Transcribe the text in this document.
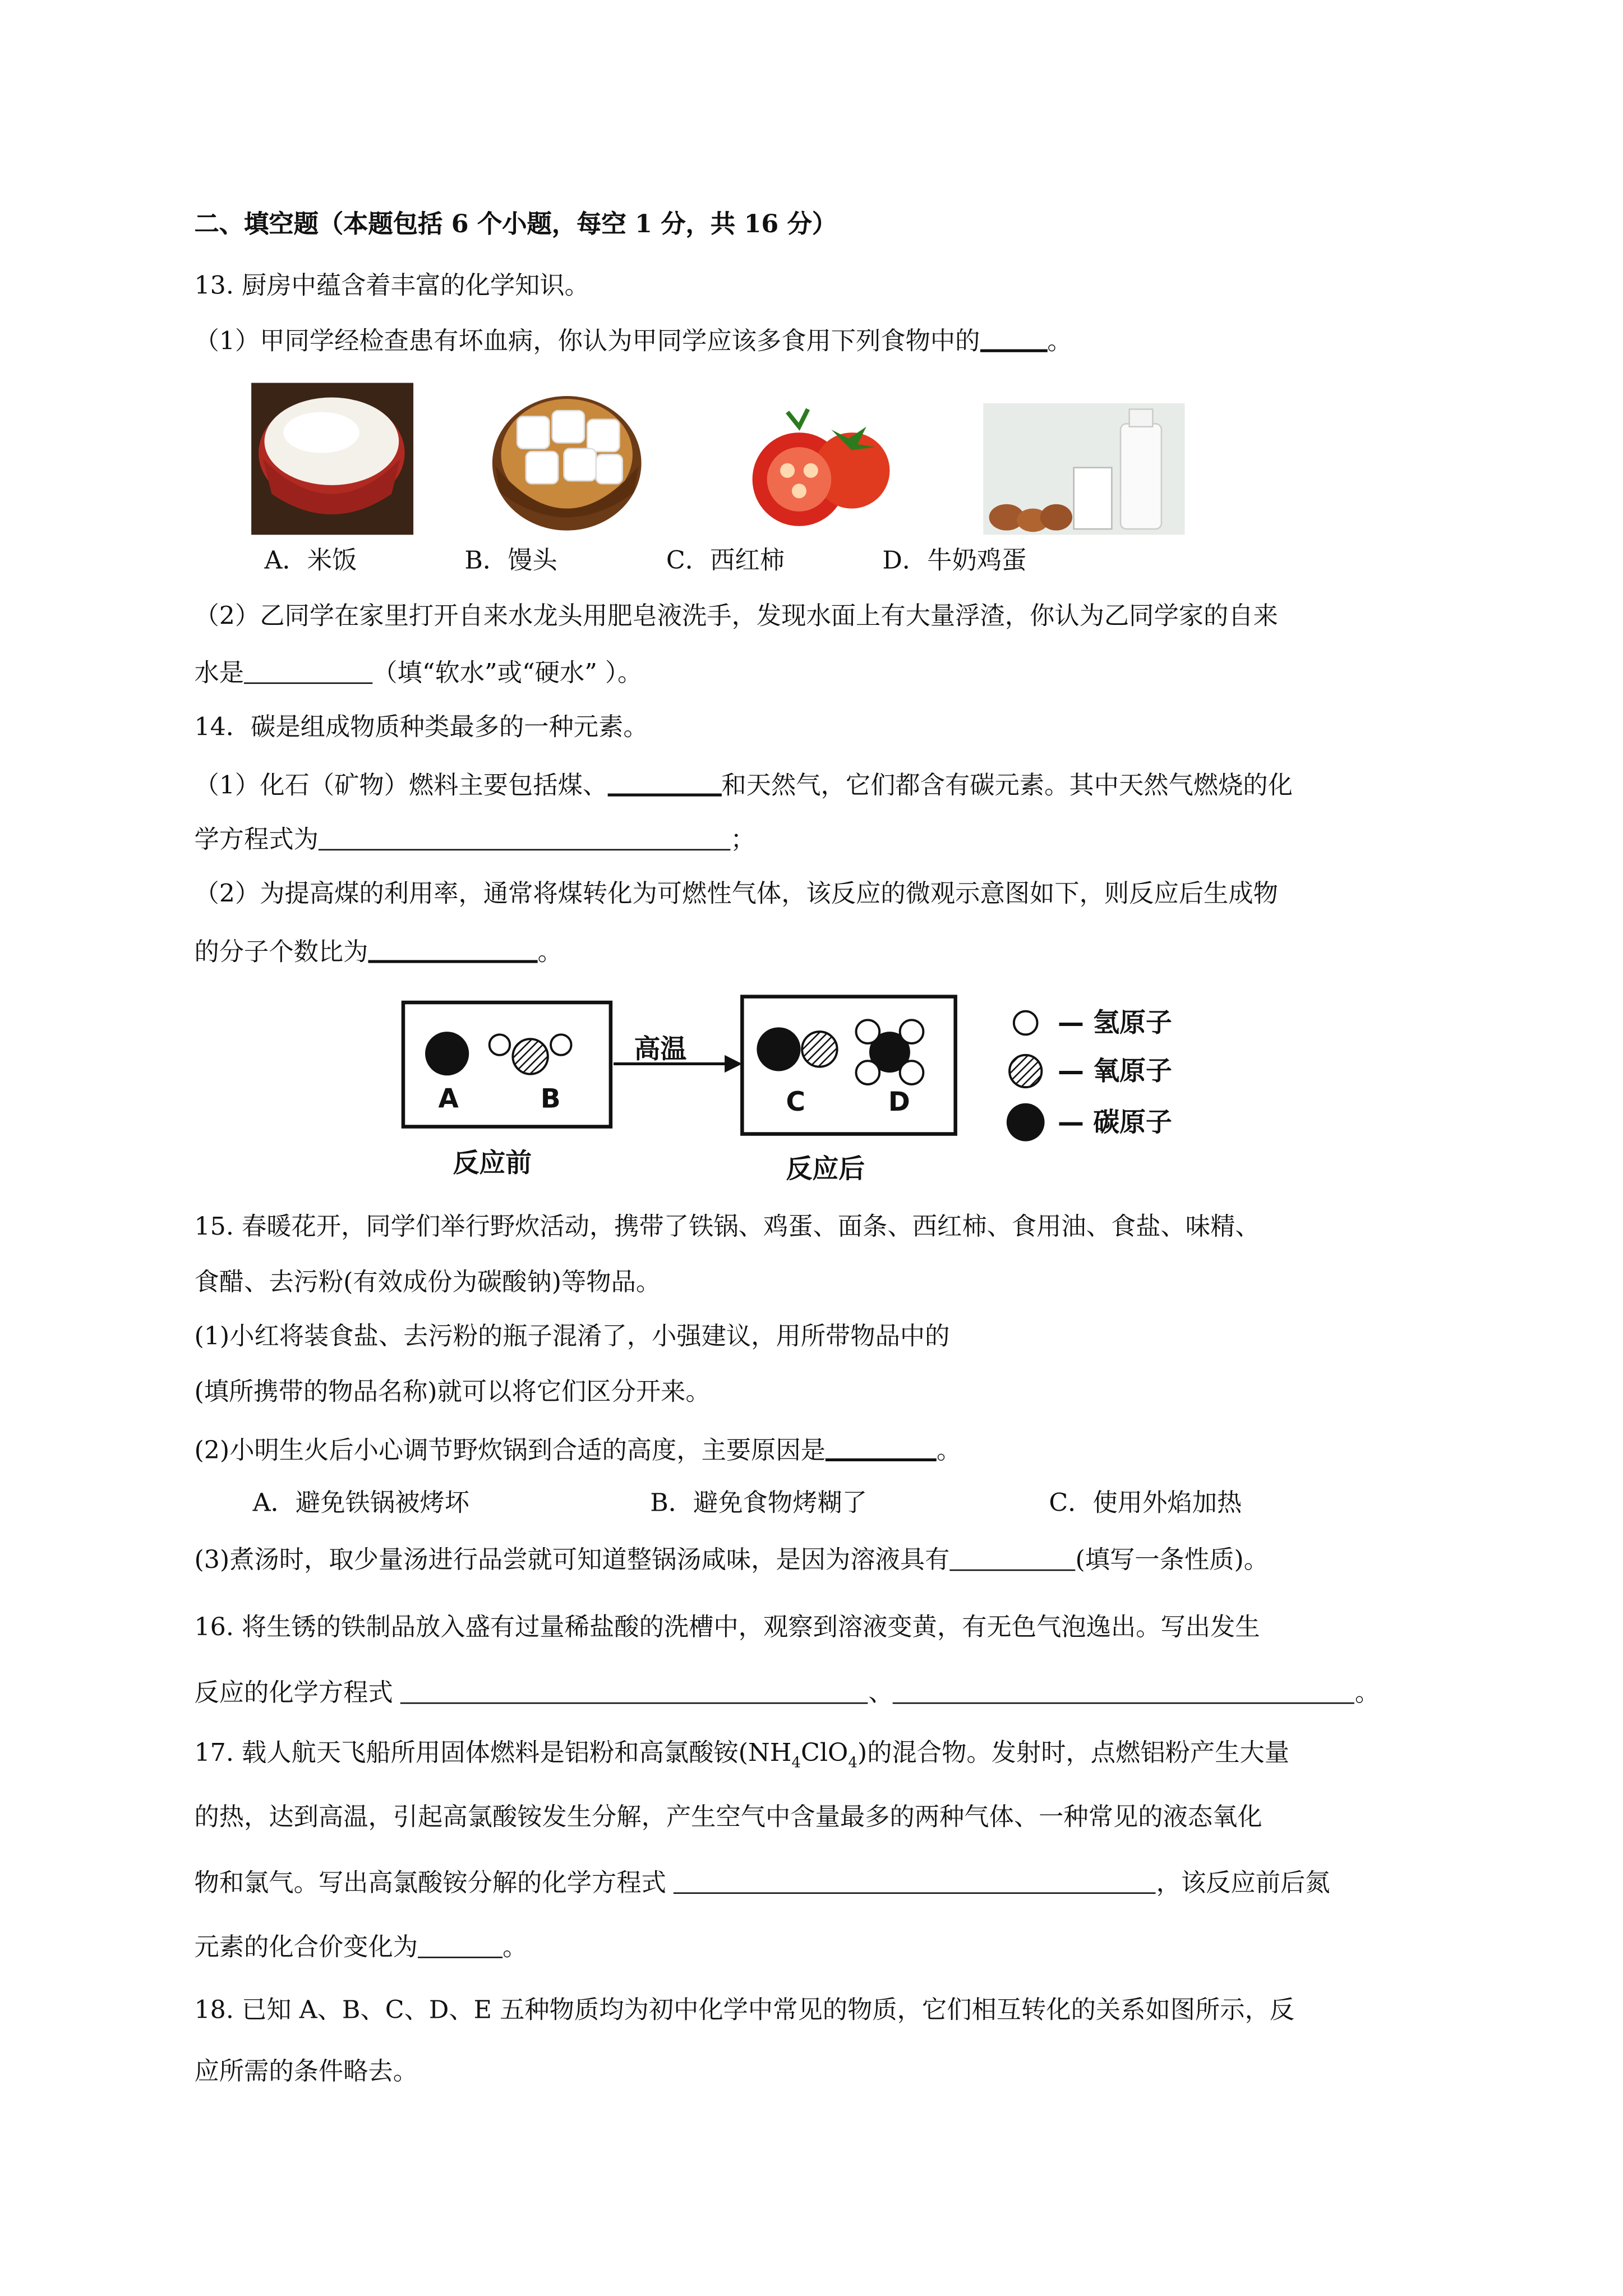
二、填空题（本题包括 6 个小题，每空 1 分，共 16 分）
13. 厨房中蕴含着丰富的化学知识。
（1）甲同学经检查患有坏血病，你认为甲同学应该多食用下列食物中的	。
A．米饭	B．馒头	C．西红柿	D．牛奶鸡蛋
（2）乙同学在家里打开自来水龙头用肥皂液洗手，发现水面上有大量浮渣，你认为乙同学家的自来
水是	（填“软水”或“硬水” ）。
14．碳是组成物质种类最多的一种元素。
（1）化石（矿物）燃料主要包括煤、	和天然气，它们都含有碳元素。其中天然气燃烧的化
学方程式为	；
（2）为提高煤的利用率，通常将煤转化为可燃性气体，该反应的微观示意图如下，则反应后生成物
的分子个数比为	。
A	B
反应前
高温
C	D
反应后
— 氢原子
— 氧原子
— 碳原子
15. 春暖花开，同学们举行野炊活动，携带了铁锅、鸡蛋、面条、西红柿、食用油、食盐、味精、
食醋、去污粉(有效成份为碳酸钠)等物品。
(1)小红将装食盐、去污粉的瓶子混淆了，小强建议，用所带物品中的
(填所携带的物品名称)就可以将它们区分开来。
(2)小明生火后小心调节野炊锅到合适的高度，主要原因是	。
A．避免铁锅被烤坏	B．避免食物烤糊了	C．使用外焰加热
(3)煮汤时，取少量汤进行品尝就可知道整锅汤咸味，是因为溶液具有	(填写一条性质)。
16. 将生锈的铁制品放入盛有过量稀盐酸的洗槽中，观察到溶液变黄，有无色气泡逸出。写出发生
反应的化学方程式	、	。
17. 载人航天飞船所用固体燃料是铝粉和高氯酸铵$(NH_4ClO_4)$的混合物。发射时，点燃铝粉产生大量
的热，达到高温，引起高氯酸铵发生分解，产生空气中含量最多的两种气体、一种常见的液态氧化
物和氯气。写出高氯酸铵分解的化学方程式	，该反应前后氮
元素的化合价变化为	。
18. 已知 A、B、C、D、E 五种物质均为初中化学中常见的物质，它们相互转化的关系如图所示，反
应所需的条件略去。
